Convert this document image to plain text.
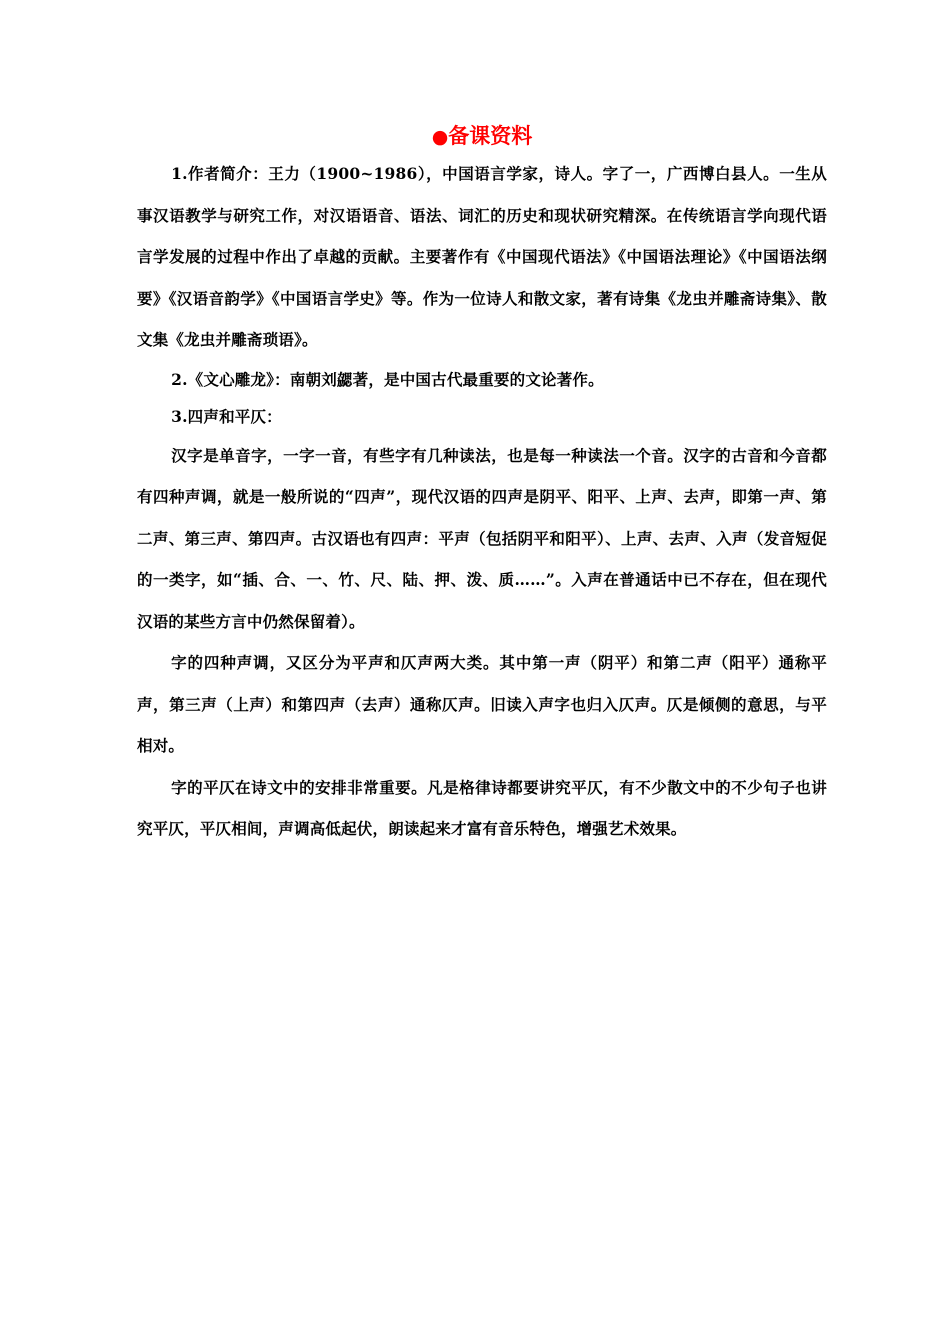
●备课资料

1.作者简介：王力（1900~1986），中国语言学家，诗人。字了一，广西博白县人。一生从事汉语教学与研究工作，对汉语语音、语法、词汇的历史和现状研究精深。在传统语言学向现代语言学发展的过程中作出了卓越的贡献。主要著作有《中国现代语法》《中国语法理论》《中国语法纲要》《汉语音韵学》《中国语言学史》等。作为一位诗人和散文家，著有诗集《龙虫并雕斋诗集》、散文集《龙虫并雕斋琐语》。

2.《文心雕龙》：南朝刘勰著，是中国古代最重要的文论著作。

3.四声和平仄：

汉字是单音字，一字一音，有些字有几种读法，也是每一种读法一个音。汉字的古音和今音都有四种声调，就是一般所说的“四声”，现代汉语的四声是阴平、阳平、上声、去声，即第一声、第二声、第三声、第四声。古汉语也有四声：平声（包括阴平和阳平）、上声、去声、入声（发音短促的一类字，如“插、合、一、竹、尺、陆、押、泼、质……”。入声在普通话中已不存在，但在现代汉语的某些方言中仍然保留着）。

字的四种声调，又区分为平声和仄声两大类。其中第一声（阴平）和第二声（阳平）通称平声，第三声（上声）和第四声（去声）通称仄声。旧读入声字也归入仄声。仄是倾侧的意思，与平相对。

字的平仄在诗文中的安排非常重要。凡是格律诗都要讲究平仄，有不少散文中的不少句子也讲究平仄，平仄相间，声调高低起伏，朗读起来才富有音乐特色，增强艺术效果。
